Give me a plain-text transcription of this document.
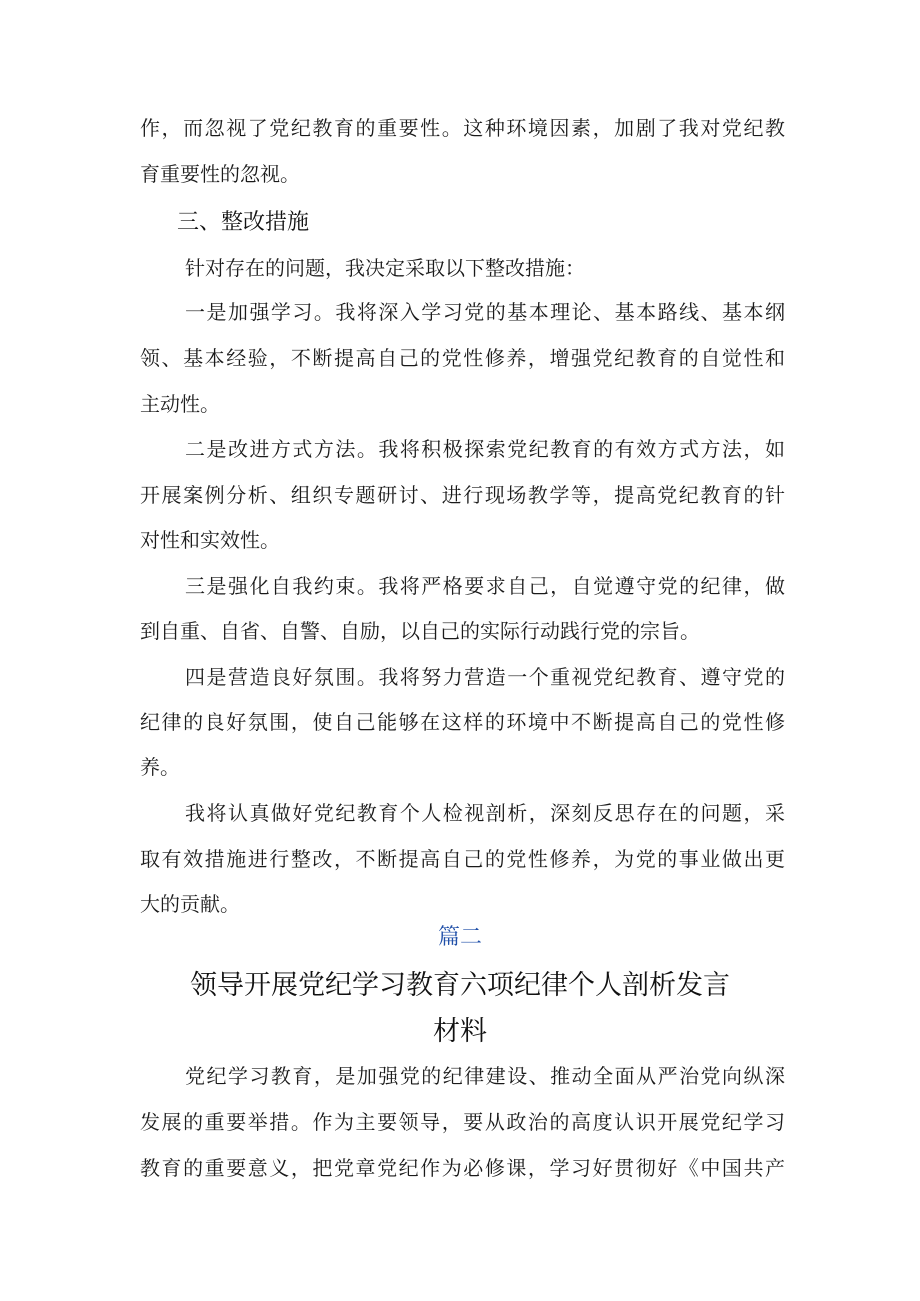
作，而忽视了党纪教育的重要性。这种环境因素，加剧了我对党纪教
育重要性的忽视。
三、整改措施
针对存在的问题，我决定采取以下整改措施：
一是加强学习。我将深入学习党的基本理论、基本路线、基本纲
领、基本经验，不断提高自己的党性修养，增强党纪教育的自觉性和
主动性。
二是改进方式方法。我将积极探索党纪教育的有效方式方法，如
开展案例分析、组织专题研讨、进行现场教学等，提高党纪教育的针
对性和实效性。
三是强化自我约束。我将严格要求自己，自觉遵守党的纪律，做
到自重、自省、自警、自励，以自己的实际行动践行党的宗旨。
四是营造良好氛围。我将努力营造一个重视党纪教育、遵守党的
纪律的良好氛围，使自己能够在这样的环境中不断提高自己的党性修
养。
我将认真做好党纪教育个人检视剖析，深刻反思存在的问题，采
取有效措施进行整改，不断提高自己的党性修养，为党的事业做出更
大的贡献。
篇二
领导开展党纪学习教育六项纪律个人剖析发言
材料
党纪学习教育，是加强党的纪律建设、推动全面从严治党向纵深
发展的重要举措。作为主要领导，要从政治的高度认识开展党纪学习
教育的重要意义，把党章党纪作为必修课，学习好贯彻好《中国共产
